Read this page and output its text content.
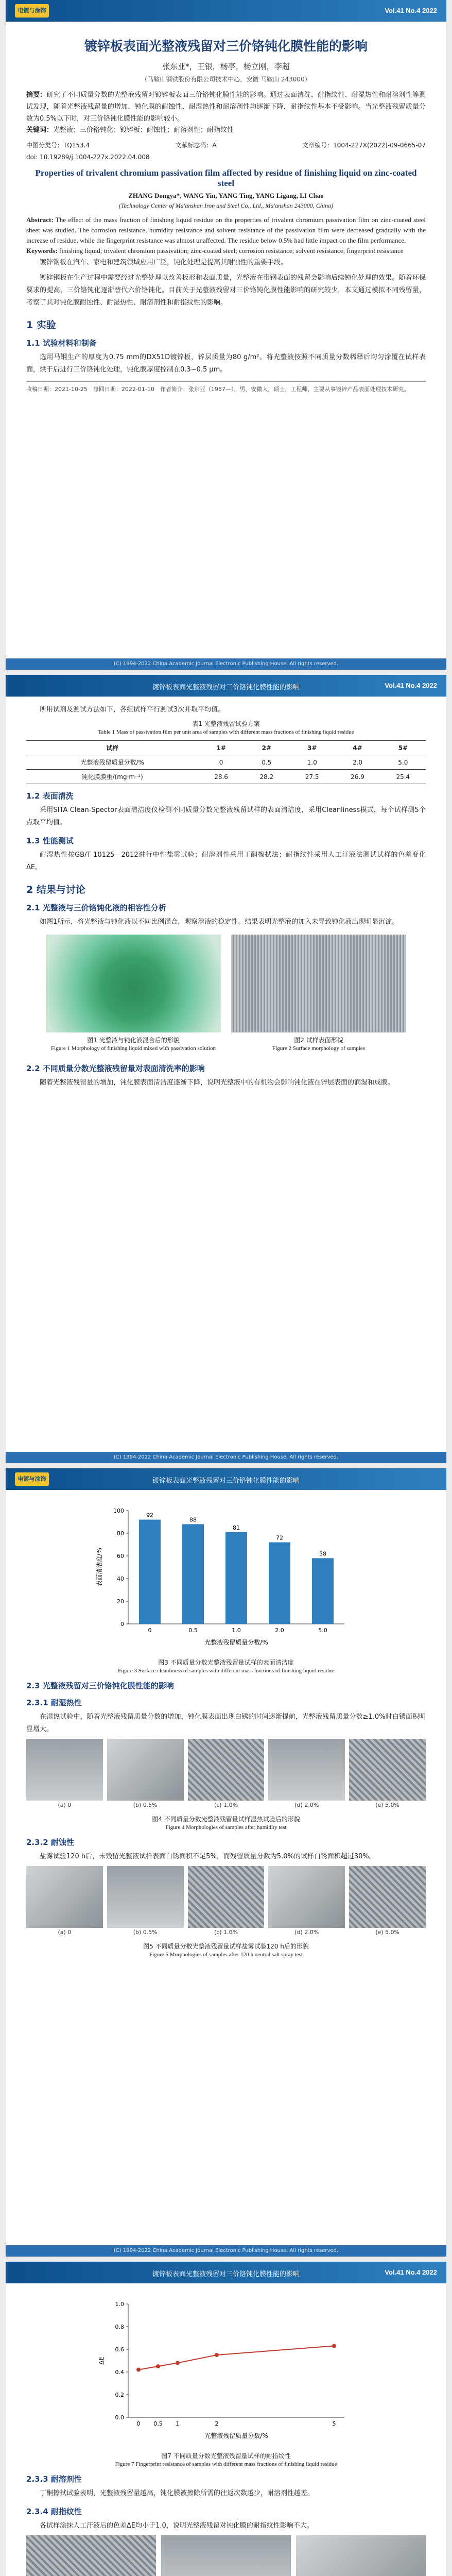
电镀与涂饰	Vol.41 No.4 2022
镀锌板表面光整液残留对三价铬钝化膜性能的影响
张东亚*，王银，杨亭，杨立刚，李超
（马鞍山钢铁股份有限公司技术中心，安徽 马鞍山 243000）
摘要：研究了不同质量分数的光整液残留对镀锌板表面三价铬钝化膜性能的影响。通过表面清洗、耐指纹性、耐湿热性和耐溶剂性等测试发现，随着光整液残留量的增加，钝化膜的耐蚀性、耐湿热性和耐溶剂性均逐渐下降，耐指纹性基本不受影响。当光整液残留质量分数为0.5%以下时，对三价铬钝化膜性能的影响较小。
关键词：光整液；三价铬钝化；镀锌板；耐蚀性；耐溶剂性；耐指纹性
中图分类号：TQ153.4	文献标志码：A	文章编号：1004-227X(2022)-09-0665-07
doi: 10.19289/j.1004-227x.2022.04.008
Properties of trivalent chromium passivation film affected by residue of finishing liquid on zinc-coated steel
ZHANG Dongya*, WANG Yin, YANG Ting, YANG Ligang, LI Chao
(Technology Center of Ma'anshan Iron and Steel Co., Ltd., Ma'anshan 243000, China)
Abstract: The effect of the mass fraction of finishing liquid residue on the properties of trivalent chromium passivation film on zinc-coated steel sheet was studied. The corrosion resistance, humidity resistance and solvent resistance of the passivation film were decreased gradually with the increase of residue, while the fingerprint resistance was almost unaffected. The residue below 0.5% had little impact on the film performance.
Keywords: finishing liquid; trivalent chromium passivation; zinc-coated steel; corrosion resistance; solvent resistance; fingerprint resistance

镀锌钢板在汽车、家电和建筑领域应用广泛，钝化处理是提高其耐蚀性的重要手段。

镀锌钢板在生产过程中需要经过光整处理以改善板形和表面质量，光整液在带钢表面的残留会影响后续钝化处理的效果。随着环保要求的提高，三价铬钝化逐渐替代六价铬钝化。目前关于光整液残留对三价铬钝化膜性能影响的研究较少，本文通过模拟不同残留量，考察了其对钝化膜耐蚀性、耐湿热性、耐溶剂性和耐指纹性的影响。

1 实验
1.1 试验材料和制备

选用马钢生产的厚度为0.75 mm的DX51D镀锌板，锌层质量为80 g/m²。将光整液按照不同质量分数稀释后均匀涂覆在试样表面，烘干后进行三价铬钝化处理，钝化膜厚度控制在0.3~0.5 μm。

收稿日期：2021-10-25　修回日期：2022-01-10　作者简介：张东亚（1987—），男，安徽人，硕士，工程师，主要从事镀锌产品表面处理技术研究。
(C) 1994-2022 China Academic Journal Electronic Publishing House. All rights reserved.
镀锌板表面光整液残留对三价铬钝化膜性能的影响	Vol.41 No.4 2022

所用试剂及测试方法如下，各组试样平行测试3次并取平均值。

表1 光整液残留试验方案
Table 1 Mass of passivation film per unit area of samples with different mass fractions of finishing liquid residue
试样	1#	2#	3#	4#	5#
光整液残留质量分数/%	0	0.5	1.0	2.0	5.0
钝化膜膜重/(mg·m⁻²)	28.6	28.2	27.5	26.9	25.4
1.2 表面清洗

采用SITA Clean-Spector表面清洁度仪检测不同质量分数光整液残留试样的表面清洁度，采用Cleanliness模式，每个试样测5个点取平均值。

1.3 性能测试

耐湿热性按GB/T 10125—2012进行中性盐雾试验；耐溶剂性采用丁酮擦拭法；耐指纹性采用人工汗液法测试试样的色差变化ΔE。

2 结果与讨论
2.1 光整液与三价铬钝化液的相容性分析

如图1所示，将光整液与钝化液以不同比例混合，观察溶液的稳定性。结果表明光整液的加入未导致钝化液出现明显沉淀。

图1 光整液与钝化液混合后的形貌
Figure 1 Morphology of finishing liquid mixed with passivation solution
图2 试样表面形貌
Figure 2 Surface morphology of samples
2.2 不同质量分数光整液残留量对表面清洗率的影响

随着光整液残留量的增加，钝化膜表面清洁度逐渐下降，说明光整液中的有机物会影响钝化液在锌层表面的润湿和成膜。

(C) 1994-2022 China Academic Journal Electronic Publishing House. All rights reserved.
电镀与涂饰	镀锌板表面光整液残留对三价铬钝化膜性能的影响
0
20
40
60
80
100
92
0
88
0.5
81
1.0
72
2.0
58
5.0
光整液残留质量分数/%
表面清洁度/%
图3 不同质量分数光整液残留量试样的表面清洁度
Figure 3 Surface cleanliness of samples with different mass fractions of finishing liquid residue
2.3 光整液残留对三价铬钝化膜性能的影响
2.3.1 耐湿热性

在湿热试验中，随着光整液残留质量分数的增加，钝化膜表面出现白锈的时间逐渐提前，光整液残留质量分数≥1.0%时白锈面积明显增大。

(a) 0	(b) 0.5%	(c) 1.0%	(d) 2.0%	(e) 5.0%
图4 不同质量分数光整液残留量试样湿热试验后的形貌
Figure 4 Morphologies of samples after humidity test
2.3.2 耐蚀性

盐雾试验120 h后，未残留光整液试样表面白锈面积不足5%，而残留质量分数为5.0%的试样白锈面积超过30%。

(a) 0	(b) 0.5%	(c) 1.0%	(d) 2.0%	(e) 5.0%
图5 不同质量分数光整液残留量试样盐雾试验120 h后的形貌
Figure 5 Morphologies of samples after 120 h neutral salt spray test
(C) 1994-2022 China Academic Journal Electronic Publishing House. All rights reserved.
镀锌板表面光整液残留对三价铬钝化膜性能的影响	Vol.41 No.4 2022
0.0
0.2
0.4
0.6
0.8
1.0
0 0.5 1	2	5
光整液残留质量分数/%
ΔE
图7 不同质量分数光整液残留量试样的耐指纹性
Figure 7 Fingerprint resistance of samples with different mass fractions of finishing liquid residue
2.3.3 耐溶剂性

丁酮擦拭试验表明，光整液残留量越高，钝化膜被擦除所需的往返次数越少，耐溶剂性越差。

2.3.4 耐指纹性

各试样涂抹人工汗液后的色差ΔE均小于1.0，说明光整液残留对钝化膜的耐指纹性影响不大。
